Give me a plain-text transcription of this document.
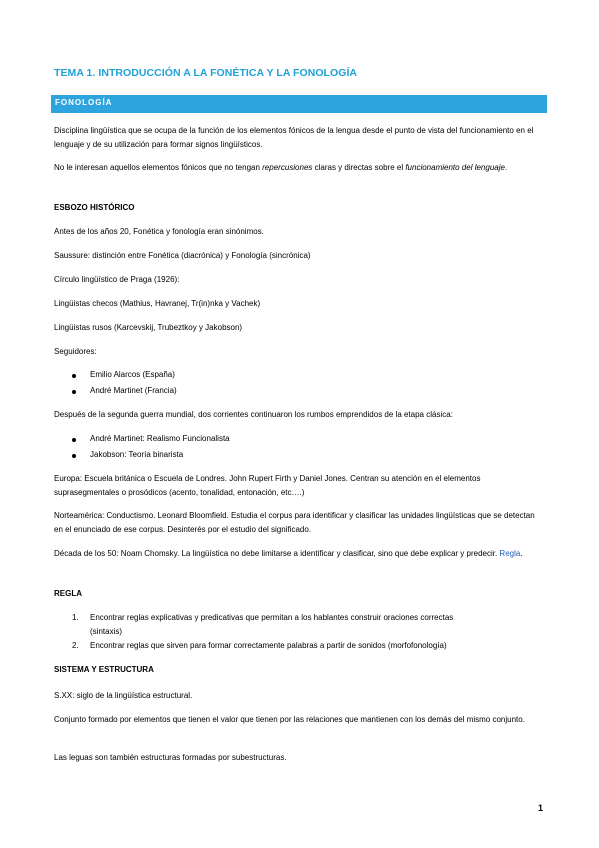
TEMA 1. INTRODUCCIÓN A LA FONÉTICA Y LA FONOLOGÍA
FONOLOGÍA
Disciplina lingüística que se ocupa de la función de los elementos fónicos de la lengua desde el punto de vista del funcionamiento en el lenguaje y de su utilización para formar signos lingüísticos.
No le interesan aquellos elementos fónicos que no tengan repercusiones claras y directas sobre el funcionamiento del lenguaje.
ESBOZO HISTÓRICO
Antes de los años 20, Fonética y fonología eran sinónimos.
Saussure: distinción entre Fonética (diacrónica) y Fonología (sincrónica)
Círculo lingüístico de Praga (1926):
Lingüistas checos (Mathius, Havranej, Tr(in)nka y Vachek)
Lingüistas rusos (Karcevskij, Trubeztkoy y Jakobson)
Seguidores:
Emilio Alarcos (España)
André Martinet (Francia)
Después de la segunda guerra mundial, dos corrientes continuaron los rumbos emprendidos de la etapa clásica:
André Martinet: Realismo Funcionalista
Jakobson: Teoría binarista
Europa: Escuela británica o Escuela de Londres. John Rupert Firth y Daniel Jones. Centran su atención en el elementos suprasegmentales o prosódicos (acento, tonalidad, entonación, etc….)
Norteamérica: Conductismo. Leonard Bloomfield. Estudia el corpus para identificar y clasificar las unidades lingüísticas que se detectan en el enunciado de ese corpus. Desinterés por el estudio del significado.
Década de los 50: Noam Chomsky. La lingüística no debe limitarse a identificar y clasificar, sino que debe explicar y predecir. Regla.
REGLA
1. Encontrar reglas explicativas y predicativas que permitan a los hablantes construir oraciones correctas
(sintaxis)
2. Encontrar reglas que sirven para formar correctamente palabras a partir de sonidos (morfofonología)
SISTEMA Y ESTRUCTURA
S.XX: siglo de la lingüística estructural.
Conjunto formado por elementos que tienen el valor que tienen por las relaciones que mantienen con los demás del mismo conjunto.
Las leguas son también estructuras formadas por subestructuras.
1
